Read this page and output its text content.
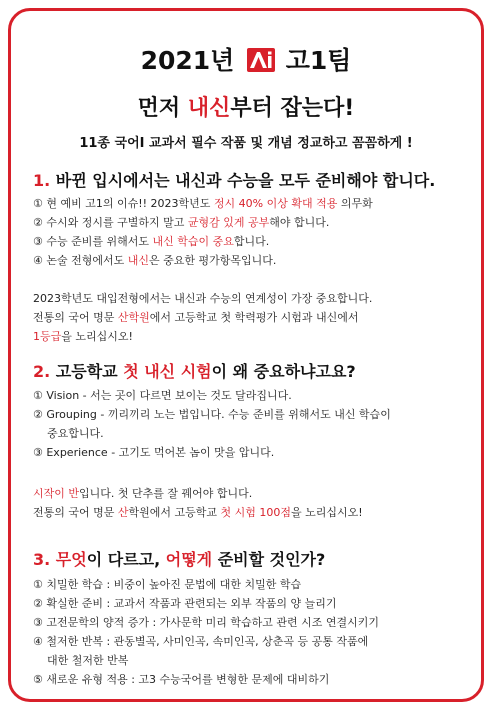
2021년 고1팀
먼저 내신부터 잡는다!
11종 국어Ⅰ 교과서 필수 작품 및 개념 정교하고 꼼꼼하게 !
1. 바뀐 입시에서는 내신과 수능을 모두 준비해야 합니다.
① 현 예비 고1의 이슈!! 2023학년도 정시 40% 이상 확대 적용 의무화
② 수시와 정시를 구별하지 말고 균형감 있게 공부해야 합니다.
③ 수능 준비를 위해서도 내신 학습이 중요합니다.
④ 논술 전형에서도 내신은 중요한 평가항목입니다.
2023학년도 대입전형에서는 내신과 수능의 연계성이 가장 중요합니다.
전통의 국어 명문 산학원에서 고등학교 첫 학력평가 시험과 내신에서
1등급을 노리십시오!
2. 고등학교 첫 내신 시험이 왜 중요하냐고요?
① Vision - 서는 곳이 다르면 보이는 것도 달라집니다.
② Grouping - 끼리끼리 노는 법입니다. 수능 준비를 위해서도 내신 학습이
중요합니다.
③ Experience - 고기도 먹어본 놈이 맛을 압니다.
시작이 반입니다. 첫 단추를 잘 꿰어야 합니다.
전통의 국어 명문 산학원에서 고등학교 첫 시험 100점을 노리십시오!
3. 무엇이 다르고, 어떻게 준비할 것인가?
① 치밀한 학습 : 비중이 높아진 문법에 대한 치밀한 학습
② 확실한 준비 : 교과서 작품과 관련되는 외부 작품의 양 늘리기
③ 고전문학의 양적 증가 : 가사문학 미리 학습하고 관련 시조 연결시키기
④ 철저한 반복 : 관동별곡, 사미인곡, 속미인곡, 상춘곡 등 공통 작품에
대한 철저한 반복
⑤ 새로운 유형 적용 : 고3 수능국어를 변형한 문제에 대비하기
